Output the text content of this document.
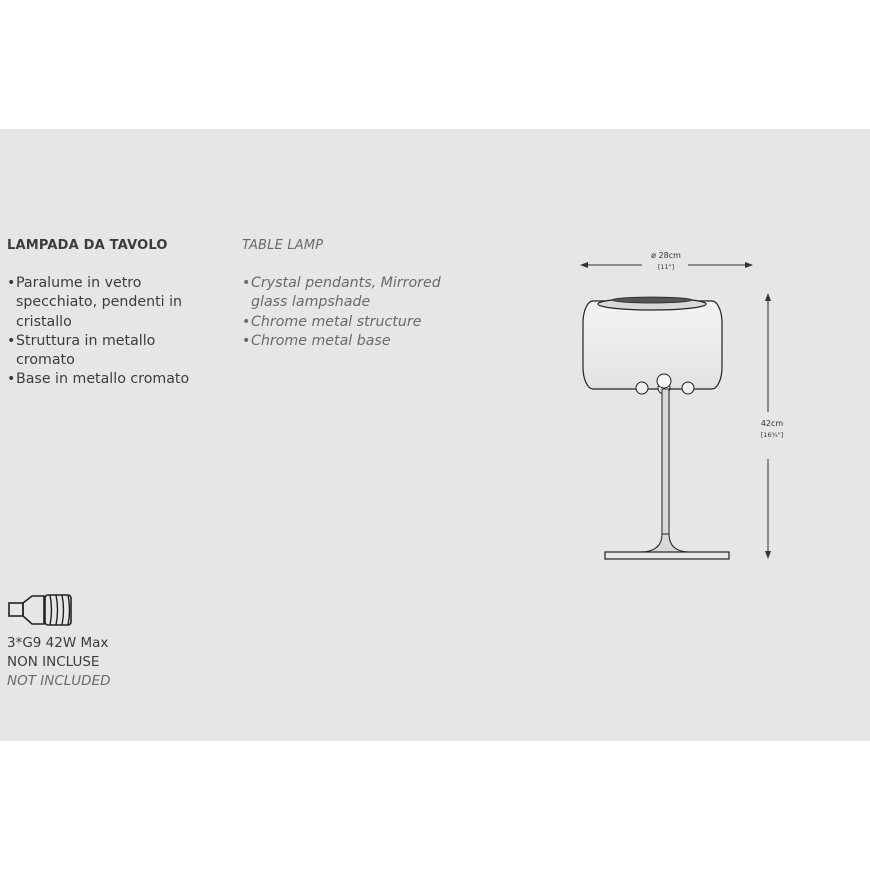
LAMPADA DA TAVOLO
• Paralume in vetro specchiato, pendenti in cristallo
• Struttura in metallo cromato
• Base in metallo cromato
TABLE LAMP
• Crystal pendants, Mirrored glass lampshade
• Chrome metal structure
• Chrome metal base
ø 28cm
[11"]
42cm
[16¾"]
3*G9 42W Max
NON INCLUSE
NOT INCLUDED
